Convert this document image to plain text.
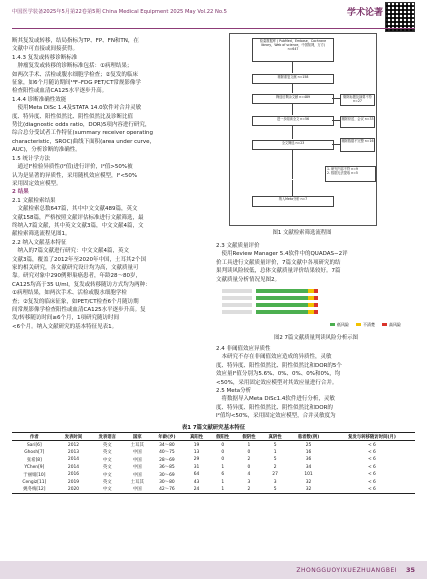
中国医学装备2025年5月第22卷第5期 China Medical Equipment 2025 May Vol.22 No.5	学术论著

断其复发或转移，结局指标为TP、FP、FN和TN，在

文献中可直接或间接获得。

1.4.3 复发或转移诊断标准

　肿瘤复发或转移的诊断标准包括：①病理结果；

如两次手术、活检或腹水细胞学检查；②复发的临床

征象，如6个月随访期间¹⁸F–FDG PET/CT常规影像学

检查阳性或血清CA125水平逐步升高。

1.4.4 诊断准确性效能

　使用Meta DiSc 1.4及STATA 14.0软件对合并灵敏

度、特异度、阳性似然比、阴性似然比及诊断比值

势比(diagnostic odds ratio，DOR)5项内容进行研究，

综合总分受试者工作特征(summary receiver operating

characteristic，SROC)曲线下面积(area under curve，

AUC)，分析诊断的准确性。

1.5 统计学方法

　通过I²检验异质性(I²值)进行评价，I²值>50%被

认为是显著的异质性，采用随机效应模型，I²<50%

采用固定效应模型。

2 结果

2.1 文献检索结果

　文献检索总数647篇，其中中文文献489篇，英文

文献158篇，严格按照文献评估标准进行文献筛选，最

终纳入7篇文献，其中英文文献3篇，中文文献4篇，文

献检索筛选流程见图1。

2.2 纳入文献基本特征

　纳入的7篇文献进行研究：中文文献4篇，英文

文献3篇，覆盖了2012年至2020年中国，土耳其2个国

家的相关研究，各文献研究设计均为高，文献质量可

靠。研究对象中290例卵巢癌患者，年龄28～80岁，

CA125均高于35 U/ml，复发或转移随访方式均为两种：

①病理结果，如两次手术、活检或腹水细胞学检

查；②复发的临床征象，如PET/CT检查6个月随访期

间常规影像学检查阳性或血清CA125水平逐步升高。复

发/转移随访时间≥6个月，1项研究随访时间

<6个月。纳入文献研究的基本特征见表1。

检索数据库 ( PubMed，Embase，Cochrane library，Web of science，中国知网，万方)
n=647
剔除重复文献 n=158
筛选后剩余文献 n=489	剔除标题及摘要不符 n=27
进一步阅读全文 n=56	剔除综述、会议 n=33
全文筛选 n=23	剔除数据不完整 n=16
1. 研究内容不符 n=9
2. 数据无法提取 n=5
纳入Meta分析 n=7
图1 文献检索筛选流程图

2.3 文献质量评价

　使用Review Manager 5.4软件中的QUADAS−2评

价工具进行文献质量评价，7篇文献中各项研究的结

果判读风险较低，总体文献质量评价结果较好。7篇

文献质量分析情况见图2。

低风险	不清楚	高风险
图2 7篇文献质量判读风险分析示图

2.4 非阈值效应异质性

　本研究不存在非阈值效应造成的异质性，灵敏

度、特异度、阳性似然比、阴性似然比和DOR的5个

效应量I²值分别为5.6%、0%、0%、0%和0%，均

<50%，采用固定效应模型对其效应量进行合并。

2.5 Meta分析

　将数据导入Meta DiSc1.4软件进行分析，灵敏

度、特异度、阳性似然比、阴性似然比和DOR的

I²值均<50%，采用固定效应模型，合并灵敏度为

表1 7篇文献研究基本特征
作者	发表时间	发表语言	国家	年龄(岁)	真阳性	假阳性	假阴性	真阴性	患者数(例)	复发与转移随访时间(月)
Sari[6]	2012	英文	土耳其	34～80	19	0	1	5	25	< 6
Ghosh[7]	2013	英文	中国	40～75	13	0	0	1	16	< 6
张希[8]	2014	中文	中国	28～69	29	0	2	5	36	< 6
YChen[9]	2014	英文	中国	36～85	31	1	0	2	34	< 6
于丽娟[10]	2016	中文	中国	30～69	64	6	4	27	101	< 6
Cengiz[11]	2019	英文	土耳其	30～80	43	1	3	3	32	< 6
姚冬梅[12]	2020	中文	中国	42～76	24	1	2	5	32	< 6
ZHONGGUOYIXUEZHUANGBEI 35
